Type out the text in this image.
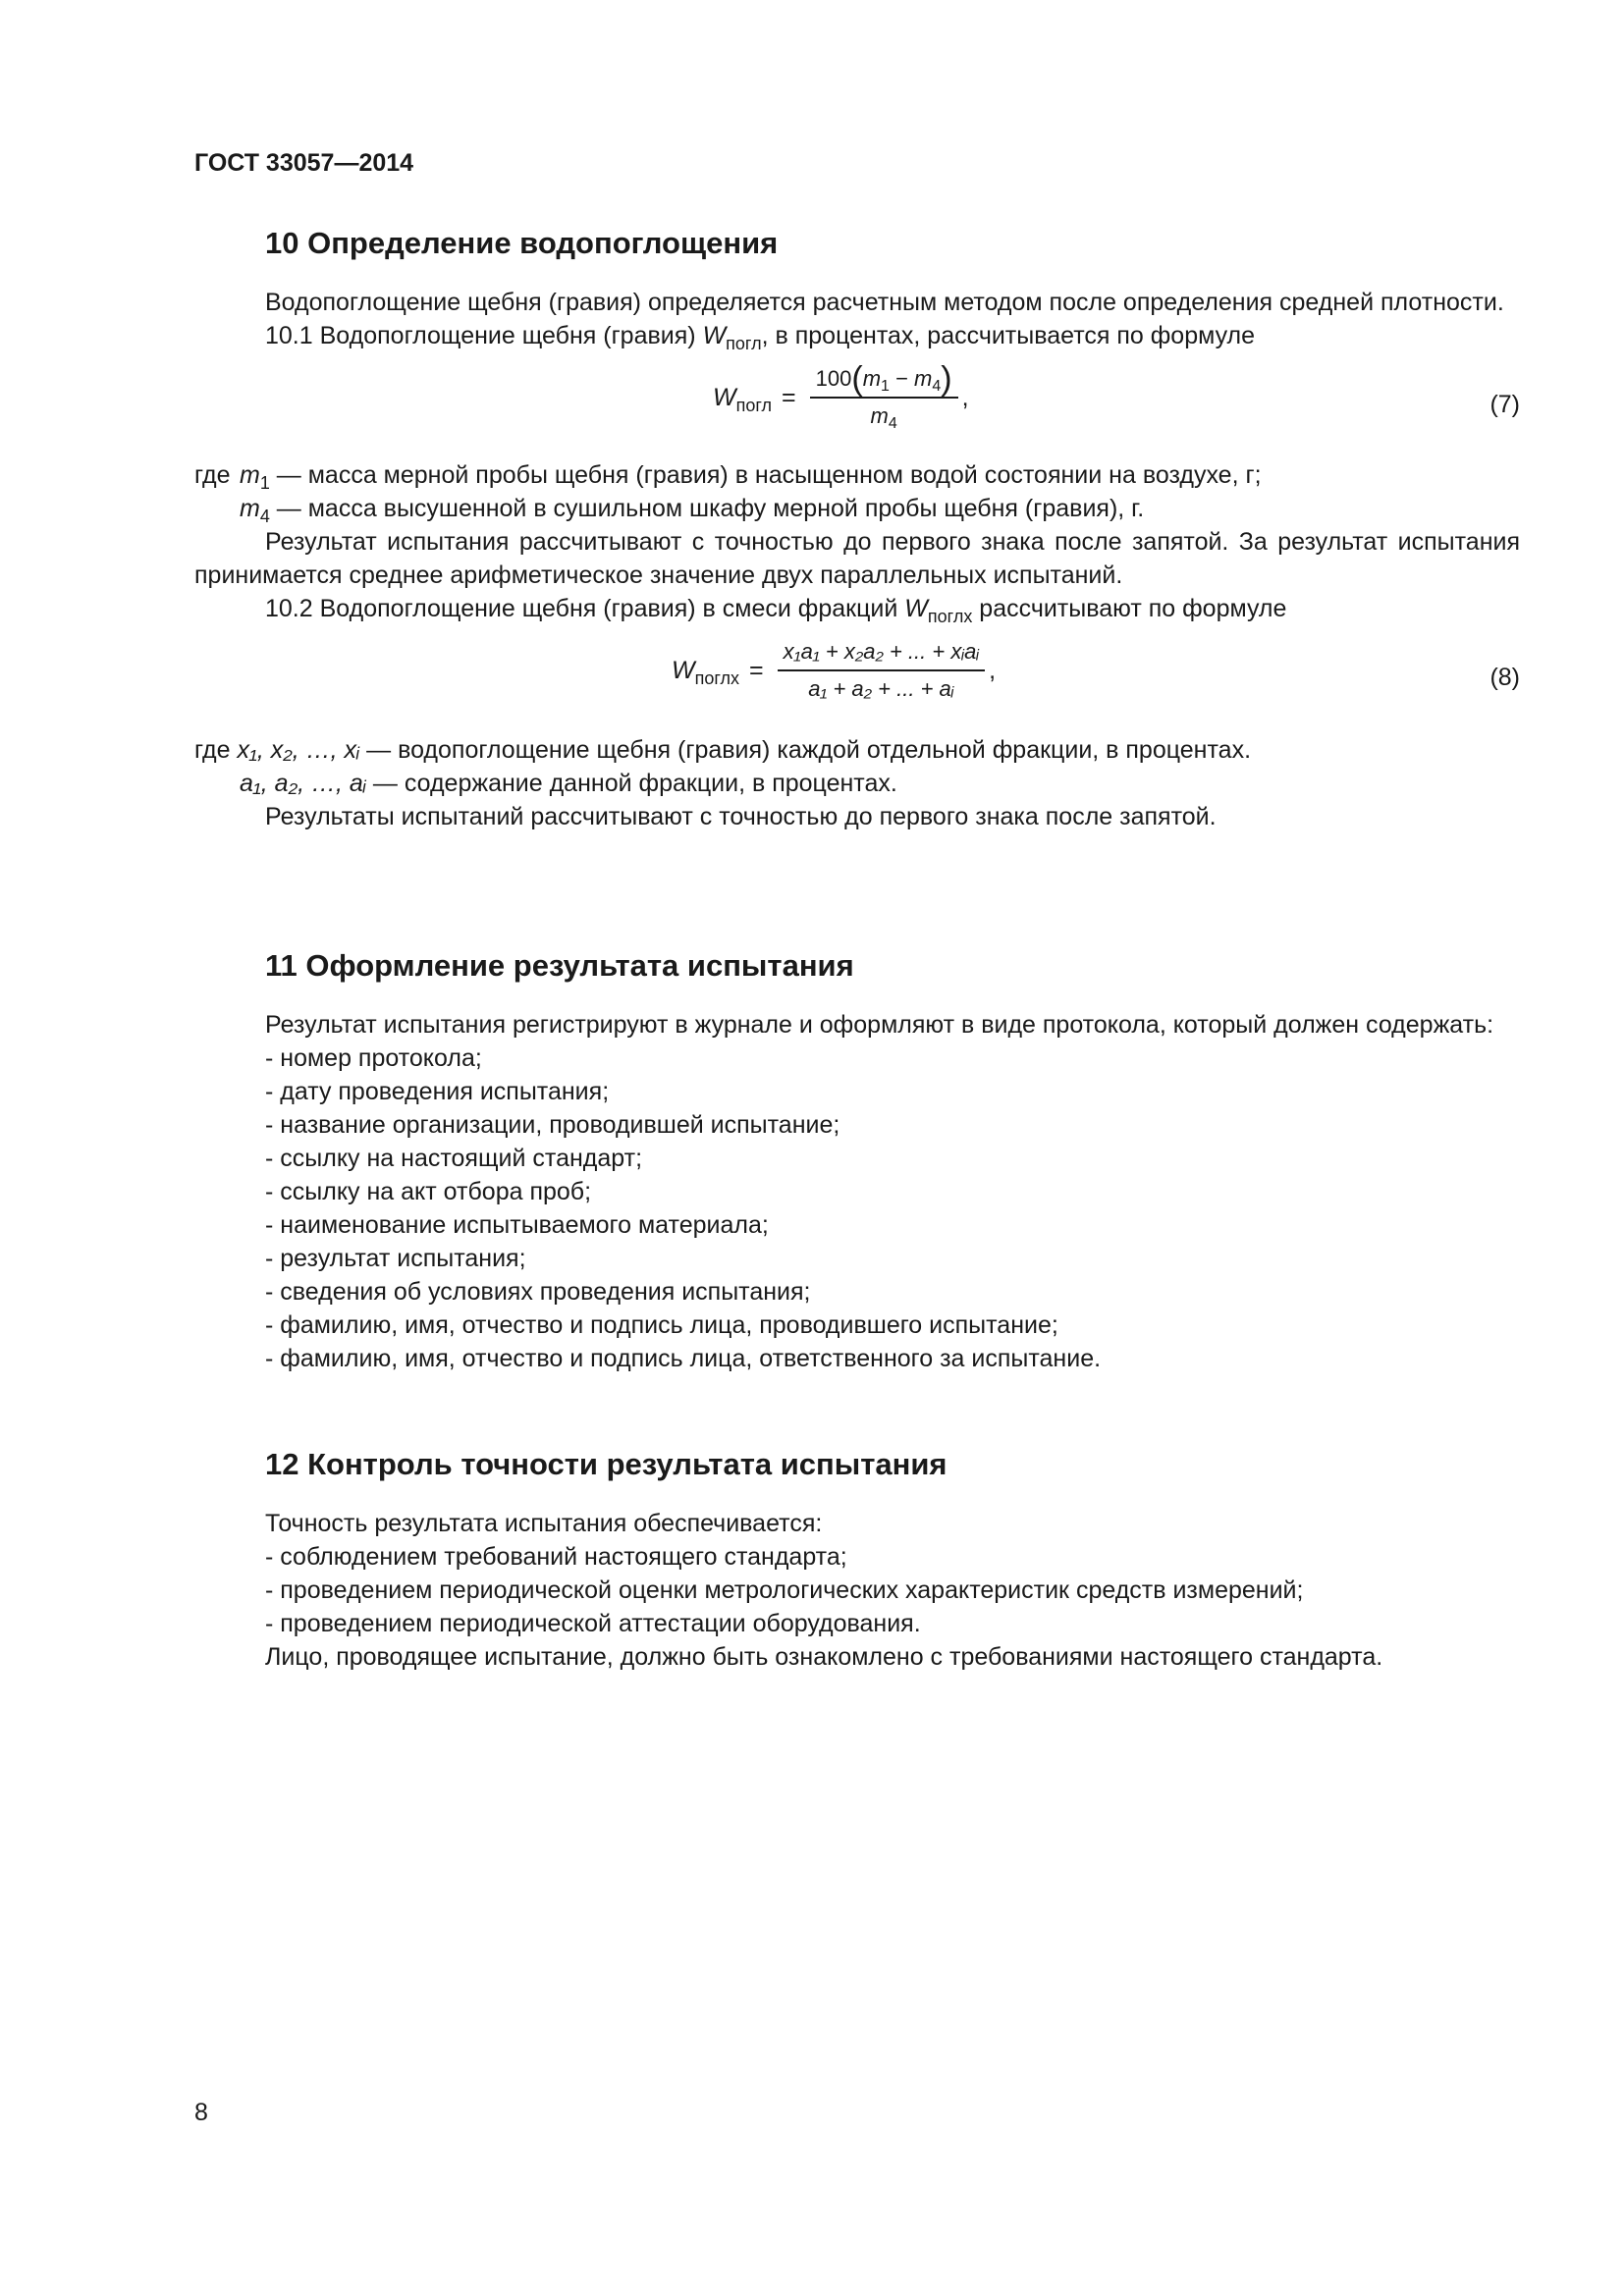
ГОСТ 33057—2014

10 Определение водопоглощения

Водопоглощение щебня (гравия) определяется расчетным методом после определения средней плотности.

10.1 Водопоглощение щебня (гравия) $W_{погл}$, в процентах, рассчитывается по формуле

$W_{погл} = \frac{100(m_1 - m_4)}{m_4}$ ,	(7)

где $m_1$ — масса мерной пробы щебня (гравия) в насыщенном водой состоянии на воздухе, г;

$m_4$ — масса высушенной в сушильном шкафу мерной пробы щебня (гравия), г.

Результат испытания рассчитывают с точностью до первого знака после запятой. За результат испытания принимается среднее арифметическое значение двух параллельных испытаний.

10.2 Водопоглощение щебня (гравия) в смеси фракций $W_{поглх}$ рассчитывают по формуле

$W_{поглх} = \frac{\text{x₁a₁ + x₂a₂ + ... + xᵢaᵢ}}{\text{a₁ + a₂ + ... + aᵢ}}$ ,	(8)

где x₁, x₂, …, xᵢ — водопоглощение щебня (гравия) каждой отдельной фракции, в процентах.

a₁, a₂, …, aᵢ — содержание данной фракции, в процентах.

Результаты испытаний рассчитывают с точностью до первого знака после запятой.

11 Оформление результата испытания

Результат испытания регистрируют в журнале и оформляют в виде протокола, который должен содержать:

- номер протокола;

- дату проведения испытания;

- название организации, проводившей испытание;

- ссылку на настоящий стандарт;

- ссылку на акт отбора проб;

- наименование испытываемого материала;

- результат испытания;

- сведения об условиях проведения испытания;

- фамилию, имя, отчество и подпись лица, проводившего испытание;

- фамилию, имя, отчество и подпись лица, ответственного за испытание.

12 Контроль точности результата испытания

Точность результата испытания обеспечивается:

- соблюдением требований настоящего стандарта;

- проведением периодической оценки метрологических характеристик средств измерений;

- проведением периодической аттестации оборудования.

Лицо, проводящее испытание, должно быть ознакомлено с требованиями настоящего стандарта.

8
